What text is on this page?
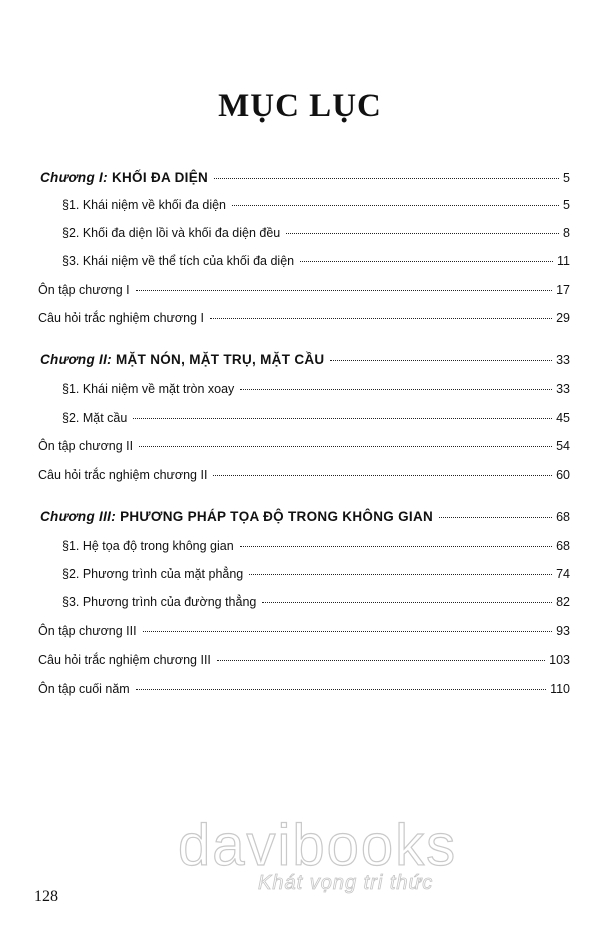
MỤC LỤC
Chương I: KHỐI ĐA DIỆN	5
§1. Khái niệm về khối đa diện	5
§2. Khối đa diện lồi và khối đa diện đều	8
§3. Khái niệm về thể tích của khối đa diện	11
Ôn tập chương I	17
Câu hỏi trắc nghiệm chương I	29
Chương II: MẶT NÓN, MẶT TRỤ, MẶT CẦU	33
§1. Khái niệm về mặt tròn xoay	33
§2. Mặt cầu	45
Ôn tập chương II	54
Câu hỏi trắc nghiệm chương II	60
Chương III: PHƯƠNG PHÁP TỌA ĐỘ TRONG KHÔNG GIAN	68
§1. Hệ tọa độ trong không gian	68
§2. Phương trình của mặt phẳng	74
§3. Phương trình của đường thẳng	82
Ôn tập chương III	93
Câu hỏi trắc nghiệm chương III	103
Ôn tập cuối năm	110
davibooks
Khát vọng tri thức
128
